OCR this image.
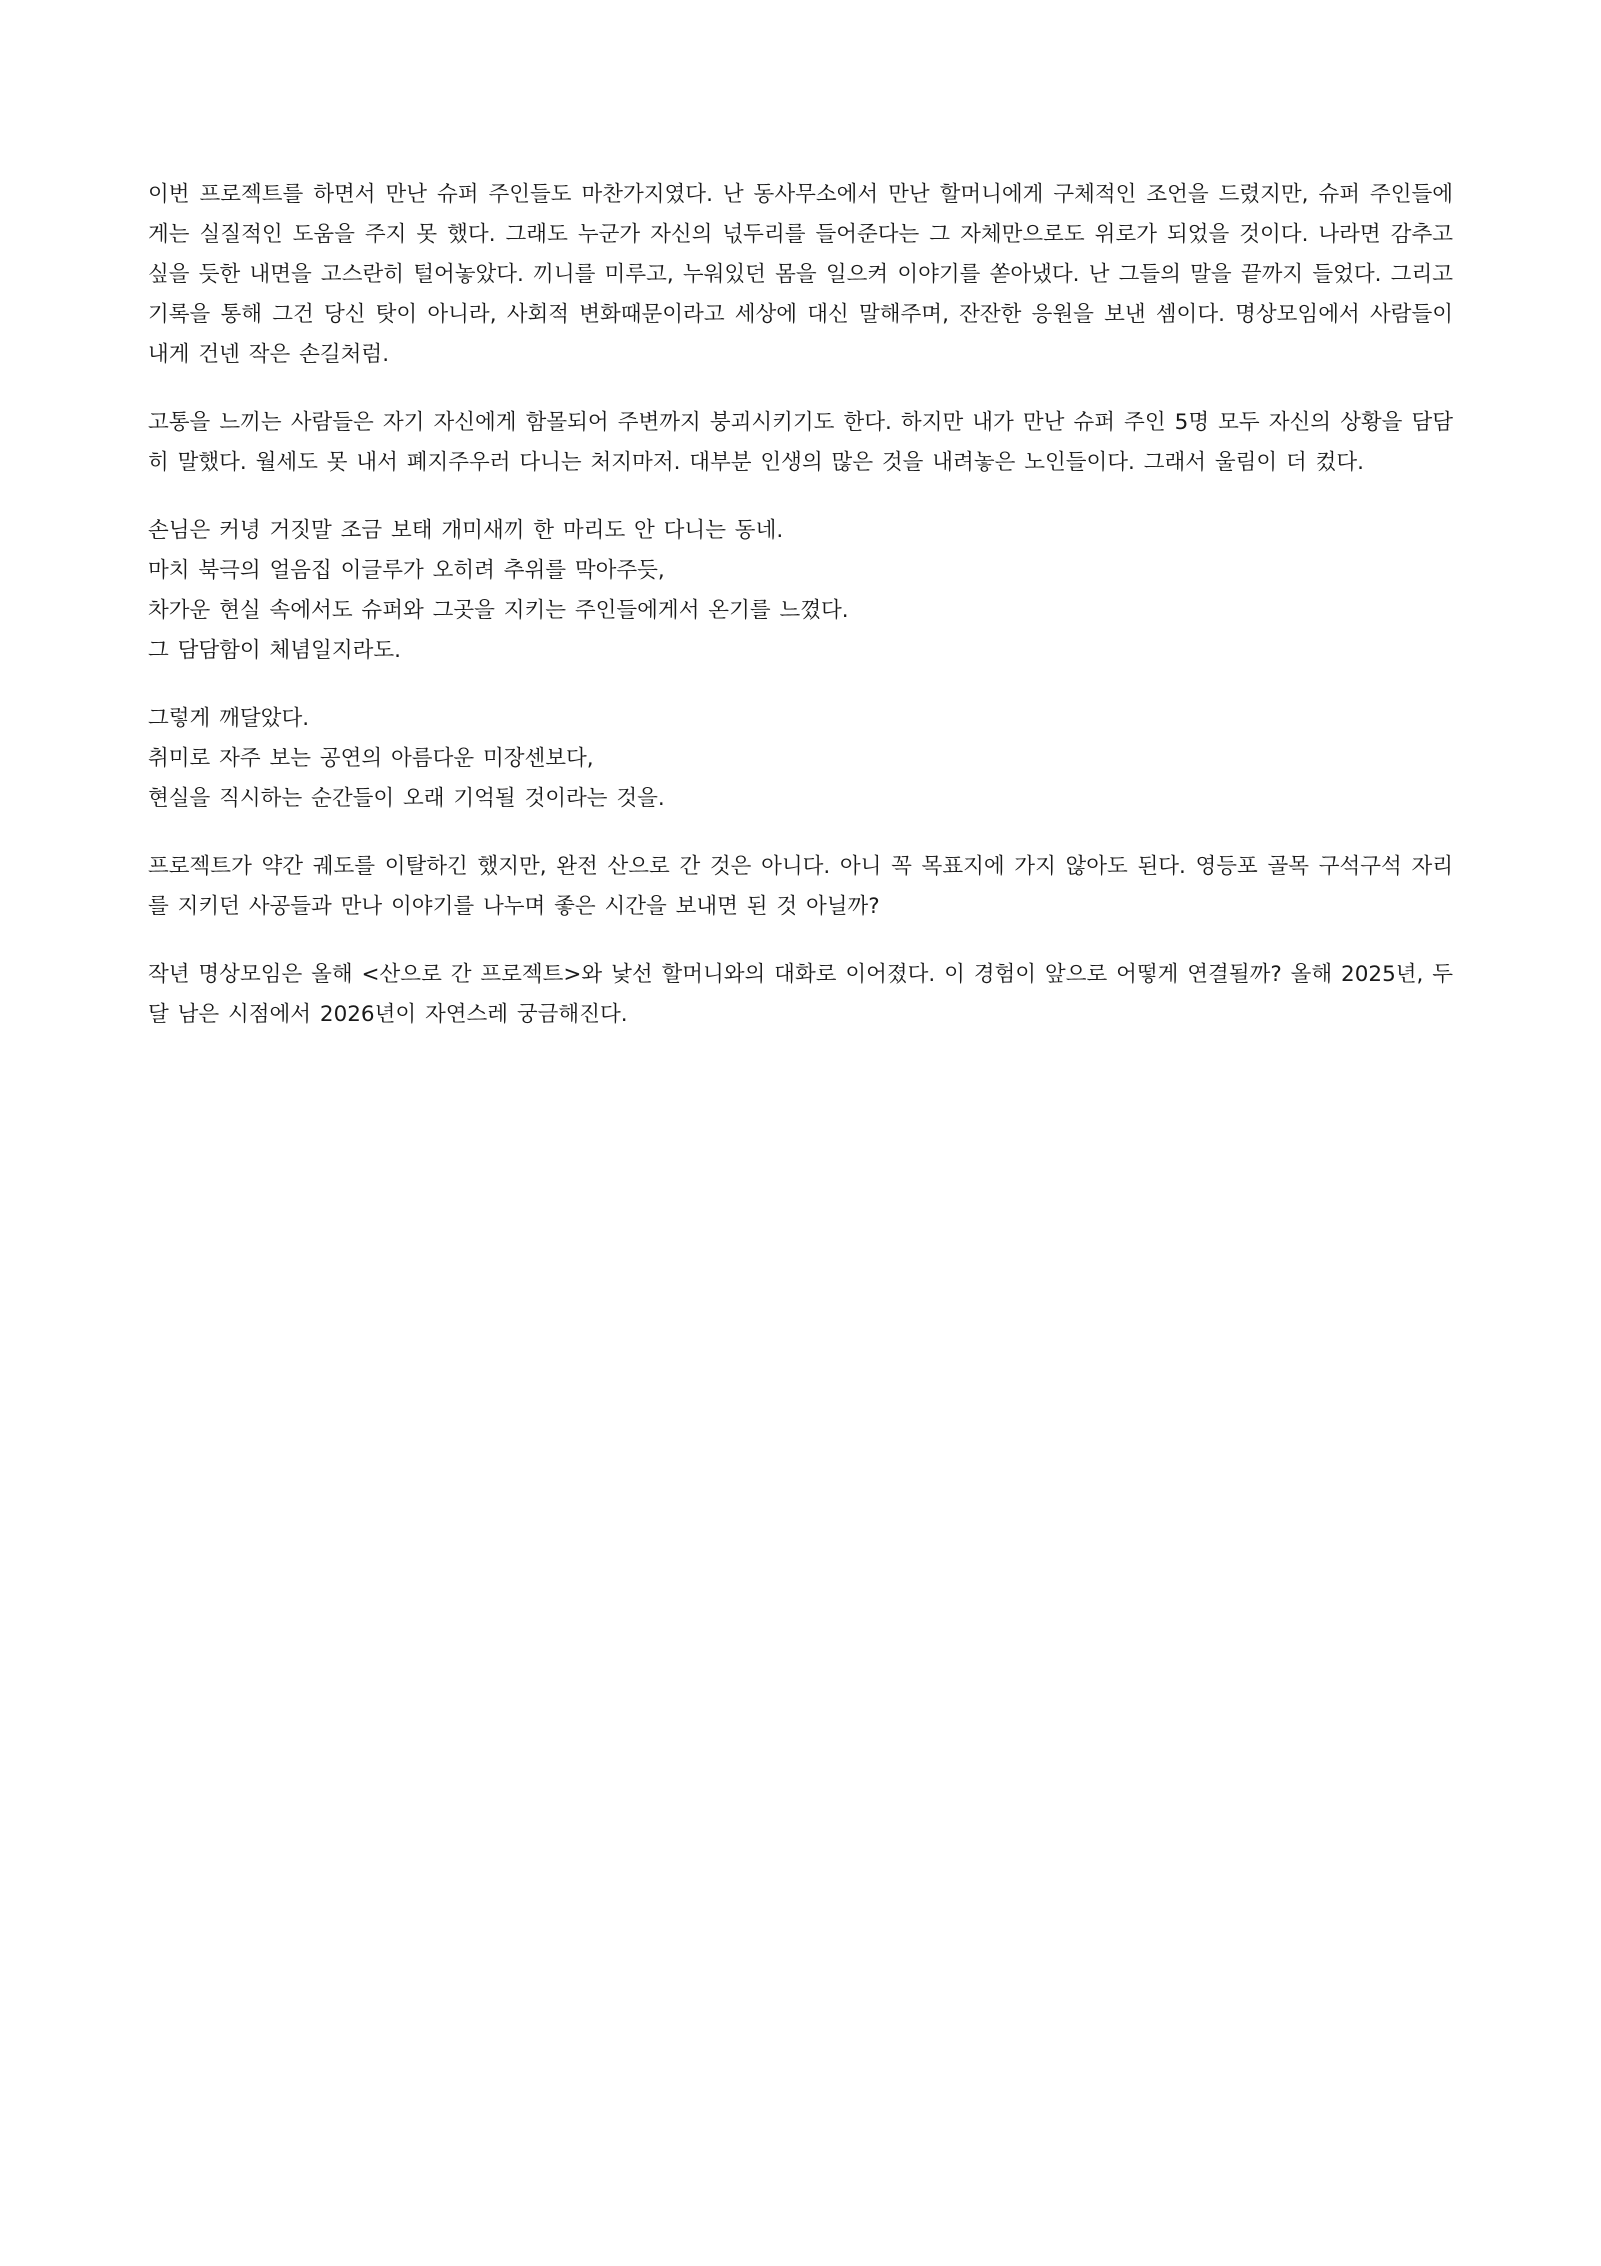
이번 프로젝트를 하면서 만난 슈퍼 주인들도 마찬가지였다. 난 동사무소에서 만난 할머니에게 구체적인 조언을 드렸지만, 슈퍼 주인들에게는 실질적인 도움을 주지 못 했다. 그래도 누군가 자신의 넋두리를 들어준다는 그 자체만으로도 위로가 되었을 것이다. 나라면 감추고 싶을 듯한 내면을 고스란히 털어놓았다. 끼니를 미루고, 누워있던 몸을 일으켜 이야기를 쏟아냈다. 난 그들의 말을 끝까지 들었다. 그리고 기록을 통해 그건 당신 탓이 아니라, 사회적 변화때문이라고 세상에 대신 말해주며, 잔잔한 응원을 보낸 셈이다. 명상모임에서 사람들이 내게 건넨 작은 손길처럼.

고통을 느끼는 사람들은 자기 자신에게 함몰되어 주변까지 붕괴시키기도 한다. 하지만 내가 만난 슈퍼 주인 5명 모두 자신의 상황을 담담히 말했다. 월세도 못 내서 폐지주우러 다니는 처지마저. 대부분 인생의 많은 것을 내려놓은 노인들이다. 그래서 울림이 더 컸다.

손님은 커녕 거짓말 조금 보태 개미새끼 한 마리도 안 다니는 동네.
마치 북극의 얼음집 이글루가 오히려 추위를 막아주듯,
차가운 현실 속에서도 슈퍼와 그곳을 지키는 주인들에게서 온기를 느꼈다.
그 담담함이 체념일지라도.
그렇게 깨달았다.
취미로 자주 보는 공연의 아름다운 미장센보다,
현실을 직시하는 순간들이 오래 기억될 것이라는 것을.

프로젝트가 약간 궤도를 이탈하긴 했지만, 완전 산으로 간 것은 아니다. 아니 꼭 목표지에 가지 않아도 된다. 영등포 골목 구석구석 자리를 지키던 사공들과 만나 이야기를 나누며 좋은 시간을 보내면 된 것 아닐까?

작년 명상모임은 올해 <산으로 간 프로젝트>와 낯선 할머니와의 대화로 이어졌다. 이 경험이 앞으로 어떻게 연결될까? 올해 2025년, 두 달 남은 시점에서 2026년이 자연스레 궁금해진다.
